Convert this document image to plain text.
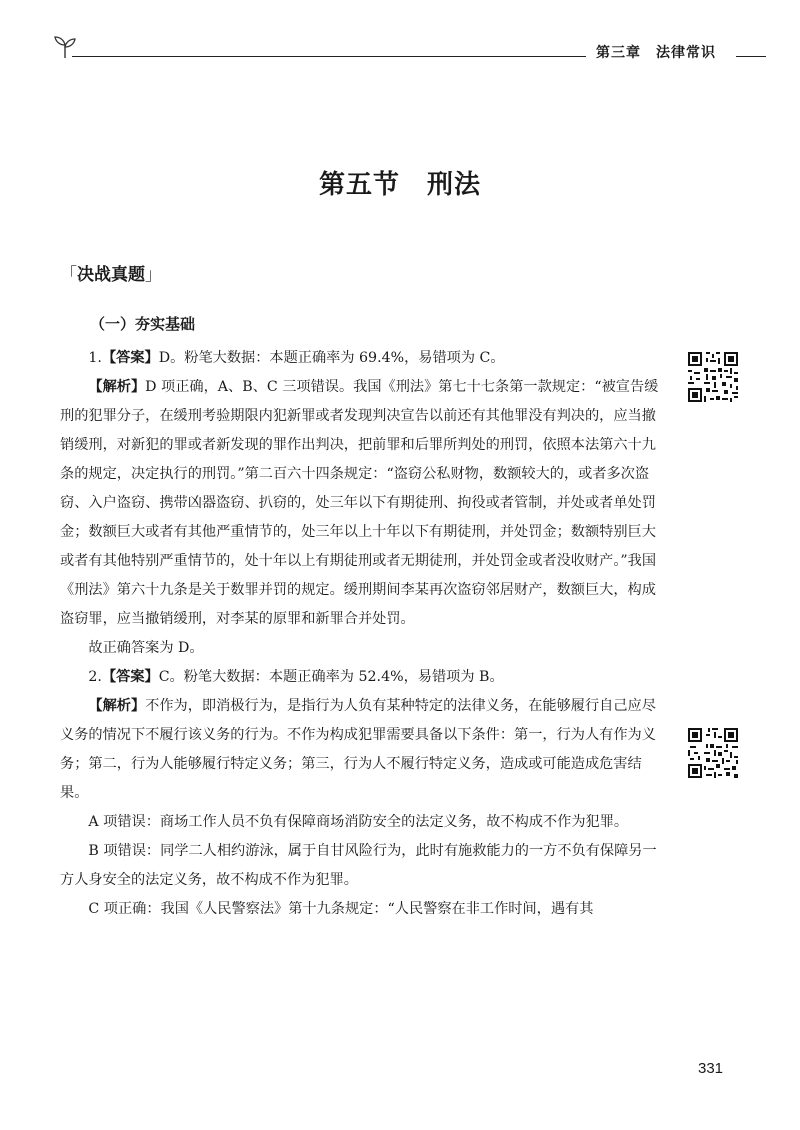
第三章　法律常识
第五节　刑法
「决战真题」
（一）夯实基础

1.【答案】D。粉笔大数据：本题正确率为 69.4%，易错项为 C。

【解析】D 项正确，A、B、C 三项错误。我国《刑法》第七十七条第一款规定：“被宣告缓刑的犯罪分子，在缓刑考验期限内犯新罪或者发现判决宣告以前还有其他罪没有判决的，应当撤销缓刑，对新犯的罪或者新发现的罪作出判决，把前罪和后罪所判处的刑罚，依照本法第六十九条的规定，决定执行的刑罚。”第二百六十四条规定：“盗窃公私财物，数额较大的，或者多次盗窃、入户盗窃、携带凶器盗窃、扒窃的，处三年以下有期徒刑、拘役或者管制，并处或者单处罚金；数额巨大或者有其他严重情节的，处三年以上十年以下有期徒刑，并处罚金；数额特别巨大或者有其他特别严重情节的，处十年以上有期徒刑或者无期徒刑，并处罚金或者没收财产。”我国《刑法》第六十九条是关于数罪并罚的规定。缓刑期间李某再次盗窃邻居财产，数额巨大，构成盗窃罪，应当撤销缓刑，对李某的原罪和新罪合并处罚。

故正确答案为 D。

2.【答案】C。粉笔大数据：本题正确率为 52.4%，易错项为 B。

【解析】不作为，即消极行为，是指行为人负有某种特定的法律义务，在能够履行自己应尽义务的情况下不履行该义务的行为。不作为构成犯罪需要具备以下条件：第一，行为人有作为义务；第二，行为人能够履行特定义务；第三，行为人不履行特定义务，造成或可能造成危害结果。

A 项错误：商场工作人员不负有保障商场消防安全的法定义务，故不构成不作为犯罪。

B 项错误：同学二人相约游泳，属于自甘风险行为，此时有施救能力的一方不负有保障另一方人身安全的法定义务，故不构成不作为犯罪。

C 项正确：我国《人民警察法》第十九条规定：“人民警察在非工作时间，遇有其

331
